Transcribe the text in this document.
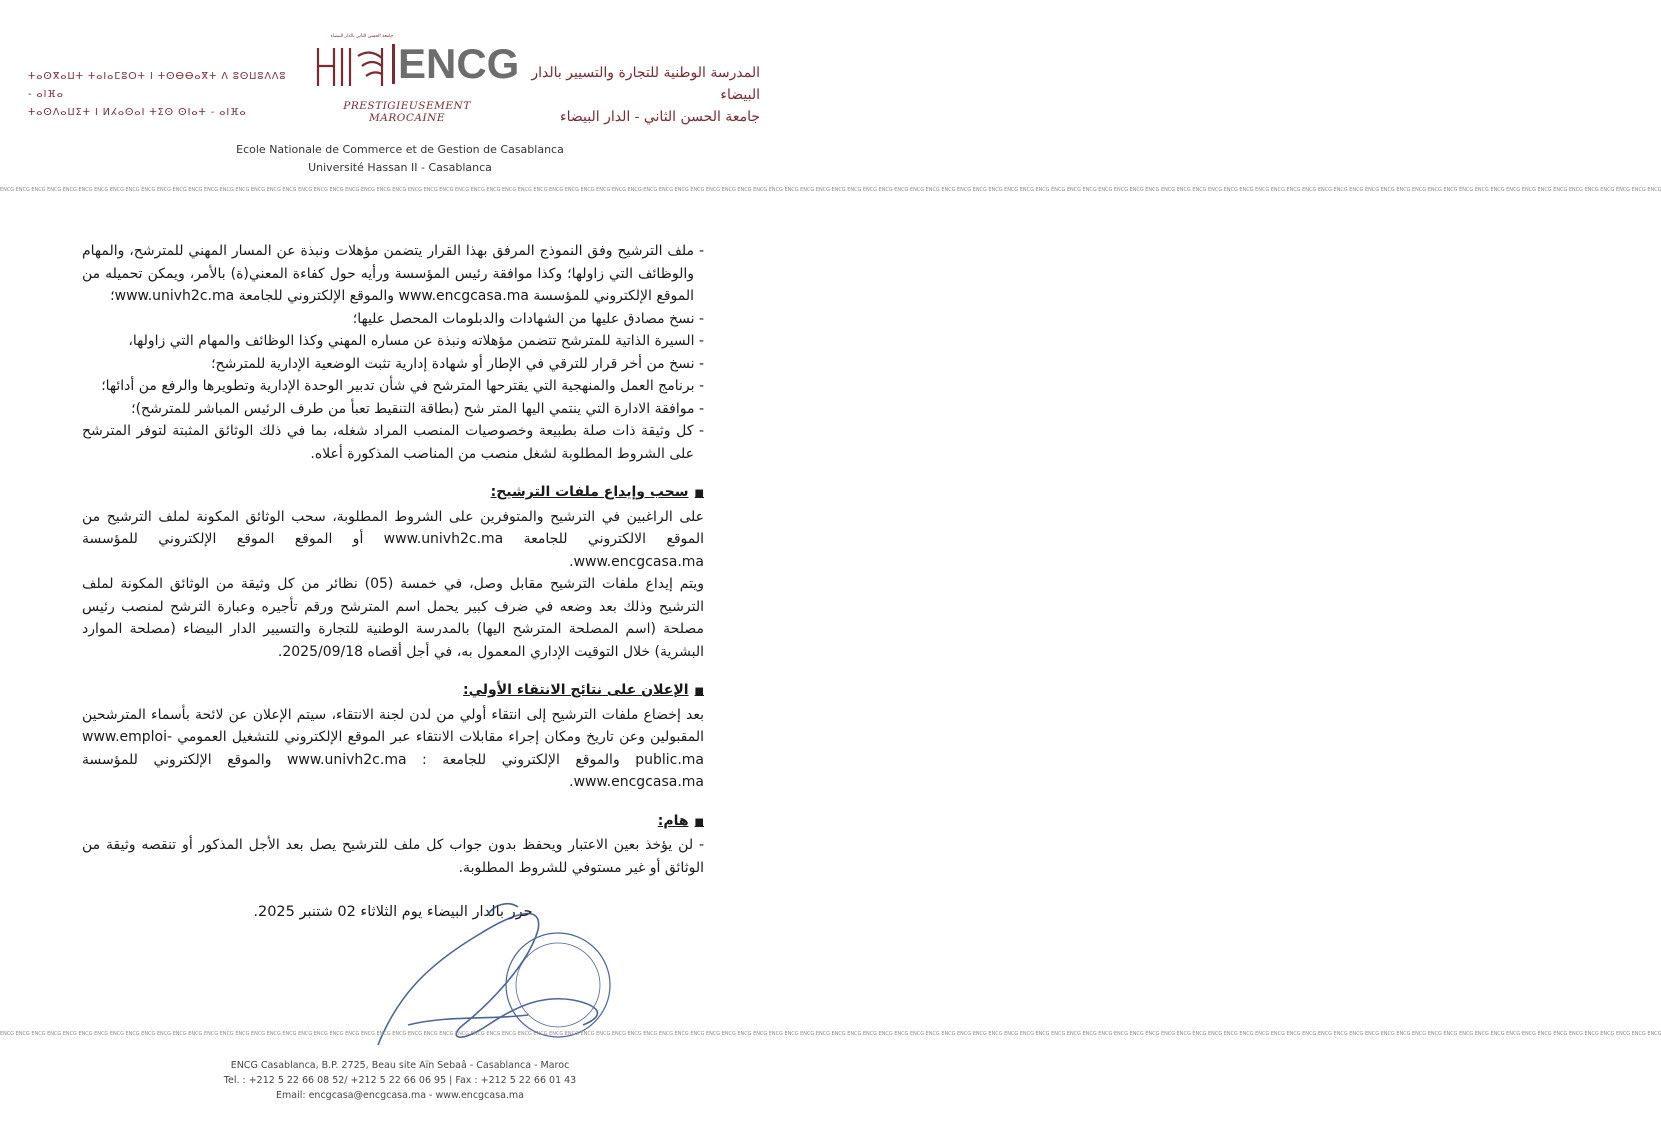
المدرسة الوطنية للتجارة والتسيير بالدار البيضاء
جامعة الحسن الثاني - الدار البيضاء
ⵜⴰⵙⴳⴰⵡⵜ ⵜⴰⵏⴰⵎⵓⵔⵜ ⵏ ⵜⵙⴱⴱⴰⴳⵜ ⴷ ⵓⵙⵡⵓⴷⴷⵓ - ⴰⵏⴼⴰ
ⵜⴰⵙⴷⴰⵡⵉⵜ ⵏ ⵍⵃⴰⵙⴰⵏ ⵜⵉⵙ ⵙⵏⴰⵜ - ⴰⵏⴼⴰ
جامعة الحسن الثاني بالدار البيضاء
ENCG
PRESTIGIEUSEMENT MAROCAINE
Ecole Nationale de Commerce et de Gestion de Casablanca
Université Hassan II - Casablanca
ENCG ENCG ENCG ENCG ENCG ENCG ENCG ENCG ENCG ENCG ENCG ENCG ENCG ENCG ENCG ENCG ENCG ENCG ENCG ENCG ENCG ENCG ENCG ENCG ENCG ENCG ENCG ENCG ENCG ENCG ENCG ENCG ENCG ENCG ENCG ENCG ENCG ENCG ENCG ENCG ENCG ENCG ENCG ENCG ENCG ENCG ENCG ENCG ENCG ENCG ENCG ENCG ENCG ENCG ENCG ENCG ENCG ENCG ENCG ENCG ENCG ENCG ENCG ENCG ENCG ENCG ENCG ENCG ENCG ENCG ENCG ENCG ENCG ENCG ENCG ENCG ENCG ENCG ENCG ENCG ENCG ENCG ENCG ENCG ENCG ENCG ENCG ENCG ENCG ENCG ENCG ENCG ENCG ENCG ENCG ENCG ENCG ENCG ENCG ENCG ENCG ENCG ENCG ENCG ENCG ENCG

- ملف الترشيح وفق النموذج المرفق بهذا القرار يتضمن مؤهلات ونبذة عن المسار المهني للمترشح، والمهام والوظائف التي زاولها؛ وكذا موافقة رئيس المؤسسة ورأيه حول كفاءة المعني(ة) بالأمر، ويمكن تحميله من الموقع الإلكتروني للمؤسسة www.encgcasa.ma والموقع الإلكتروني للجامعة www.univh2c.ma؛

- نسخ مصادق عليها من الشهادات والدبلومات المحصل عليها؛

- السيرة الذاتية للمترشح تتضمن مؤهلاته ونبذة عن مساره المهني وكذا الوظائف والمهام التي زاولها،

- نسخ من أخر قرار للترقي في الإطار أو شهادة إدارية تثبت الوضعية الإدارية للمترشح؛

- برنامج العمل والمنهجية التي يقترحها المترشح في شأن تدبير الوحدة الإدارية وتطويرها والرفع من أدائها؛

- موافقة الادارة التي ينتمي اليها المتر شح (بطاقة التنقيط تعبأ من طرف الرئيس المباشر للمترشح)؛

- كل وثيقة ذات صلة بطبيعة وخصوصيات المنصب المراد شغله، بما في ذلك الوثائق المثبتة لتوفر المترشح على الشروط المطلوبة لشغل منصب من المناصب المذكورة أعلاه.

■سحب وإيداع ملفات الترشيح:

على الراغبين في الترشيح والمتوفرين على الشروط المطلوبة، سحب الوثائق المكونة لملف الترشيح من الموقع الالكتروني للجامعة www.univh2c.ma أو الموقع الموقع الإلكتروني للمؤسسة www.encgcasa.ma.

ويتم إيداع ملفات الترشيح مقابل وصل، في خمسة (05) نظائر من كل وثيقة من الوثائق المكونة لملف الترشيح وذلك بعد وضعه في ضرف كبير يحمل اسم المترشح ورقم تأجيره وعبارة الترشح لمنصب رئيس مصلحة (اسم المصلحة المترشح اليها) بالمدرسة الوطنية للتجارة والتسيير الدار البيضاء (مصلحة الموارد البشرية) خلال التوقيت الإداري المعمول به، في أجل أقصاه 2025/09/18.

■الإعلان على نتائج الانتقاء الأولي:

بعد إخضاع ملفات الترشيح إلى انتقاء أولي من لدن لجنة الانتقاء، سيتم الإعلان عن لائحة بأسماء المترشحين المقبولين وعن تاريخ ومكان إجراء مقابلات الانتقاء عبر الموقع الإلكتروني للتشغيل العمومي www.emploi-public.ma والموقع الإلكتروني للجامعة : www.univh2c.ma والموقع الإلكتروني للمؤسسة www.encgcasa.ma.

■هام:

- لن يؤخذ بعين الاعتبار ويحفظ بدون جواب كل ملف للترشيح يصل بعد الأجل المذكور أو تنقصه وثيقة من الوثائق أو غير مستوفي للشروط المطلوبة.

حرر بالدار البيضاء يوم الثلاثاء 02 شتنبر 2025.

ENCG ENCG ENCG ENCG ENCG ENCG ENCG ENCG ENCG ENCG ENCG ENCG ENCG ENCG ENCG ENCG ENCG ENCG ENCG ENCG ENCG ENCG ENCG ENCG ENCG ENCG ENCG ENCG ENCG ENCG ENCG ENCG ENCG ENCG ENCG ENCG ENCG ENCG ENCG ENCG ENCG ENCG ENCG ENCG ENCG ENCG ENCG ENCG ENCG ENCG ENCG ENCG ENCG ENCG ENCG ENCG ENCG ENCG ENCG ENCG ENCG ENCG ENCG ENCG ENCG ENCG ENCG ENCG ENCG ENCG ENCG ENCG ENCG ENCG ENCG ENCG ENCG ENCG ENCG ENCG ENCG ENCG ENCG ENCG ENCG ENCG ENCG ENCG ENCG ENCG ENCG ENCG ENCG ENCG ENCG ENCG ENCG ENCG ENCG ENCG ENCG ENCG ENCG ENCG ENCG ENCG
ENCG Casablanca, B.P. 2725, Beau site Aïn Sebaâ - Casablanca - Maroc
Tel. : +212 5 22 66 08 52/ +212 5 22 66 06 95 | Fax : +212 5 22 66 01 43
Email: encgcasa@encgcasa.ma - www.encgcasa.ma
